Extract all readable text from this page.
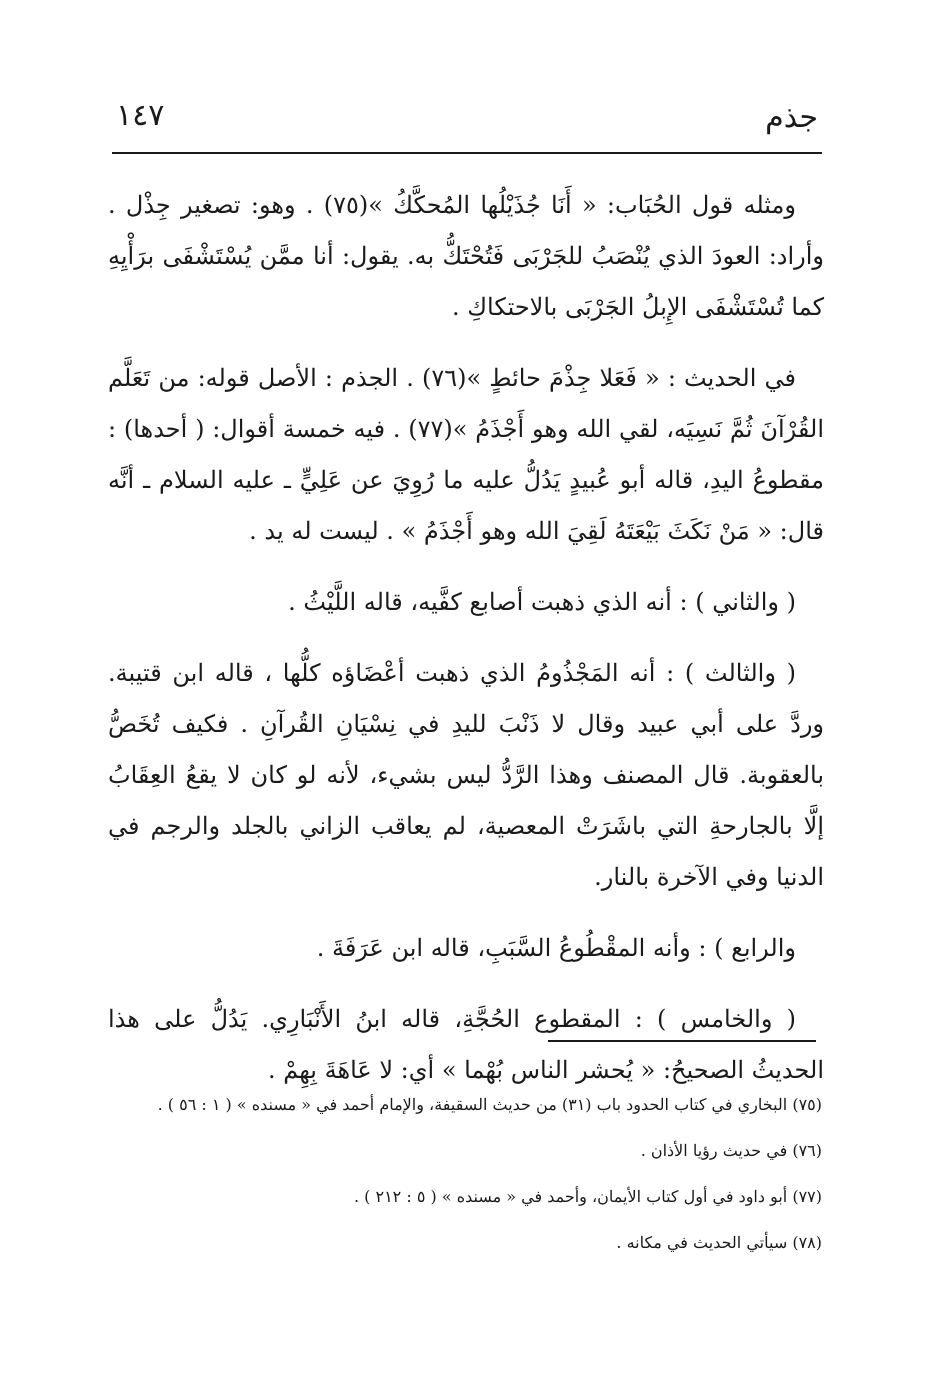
جذم
١٤٧

ومثله قول الحُبَاب: « أَنَا جُذَيْلُها المُحكَّكُ »(٧٥) . وهو: تصغير جِذْل . وأراد: العودَ الذي يُنْصَبُ للجَرْبَى فَتُحْتَكُّ به. يقول: أنا ممَّن يُسْتَشْفَى برَأْيِهِ كما تُسْتَشْفَى الإِبلُ الجَرْبَى بالاحتكاكِ .

في الحديث : « فَعَلا جِذْمَ حائطٍ »(٧٦) . الجذم : الأصل قوله: من تَعَلَّم القُرْآنَ ثُمَّ نَسِيَه، لقي الله وهو أَجْذَمُ »(٧٧) . فيه خمسة أقوال: ( أحدها) : مقطوعُ اليدِ، قاله أبو عُبيدٍ يَدُلُّ عليه ما رُوِيَ عن عَلِيٍّ ـ عليه السلام ـ أنَّه قال: « مَنْ نَكَثَ بَيْعَتَهُ لَقِيَ الله وهو أَجْذَمُ » . ليست له يد .

( والثاني ) : أنه الذي ذهبت أصابع كفَّيه، قاله اللَّيْثُ .

( والثالث ) : أنه المَجْذُومُ الذي ذهبت أعْضَاؤه كلُّها ، قاله ابن قتيبة. وردَّ على أبي عبيد وقال لا ذَنْبَ لليدِ في نِسْيَانِ القُرآنِ . فكيف تُخَصُّ بالعقوبة. قال المصنف وهذا الرَّدُّ ليس بشيء، لأنه لو كان لا يقعُ العِقَابُ إلَّا بالجارحةِ التي باشَرَتْ المعصية، لم يعاقب الزاني بالجلد والرجم في الدنيا وفي الآخرة بالنار.

والرابع ) : وأنه المقْطُوعُ السَّبَبِ، قاله ابن عَرَفَةَ .

( والخامس ) : المقطوع الحُجَّةِ، قاله ابنُ الأَنْبَارِي. يَدُلُّ على هذا الحديثُ الصحيحُ: « يُحشر الناس بُهْما » أي: لا عَاهَةَ بِهِمْ .

(٧٥) البخاري في كتاب الحدود باب (٣١) من حديث السقيفة، والإمام أحمد في « مسنده » ( ١ : ٥٦ ) .
(٧٦) في حديث رؤيا الأذان .
(٧٧) أبو داود في أول كتاب الأيمان، وأحمد في « مسنده » ( ٥ : ٢١٢ ) .
(٧٨) سيأتي الحديث في مكانه .
